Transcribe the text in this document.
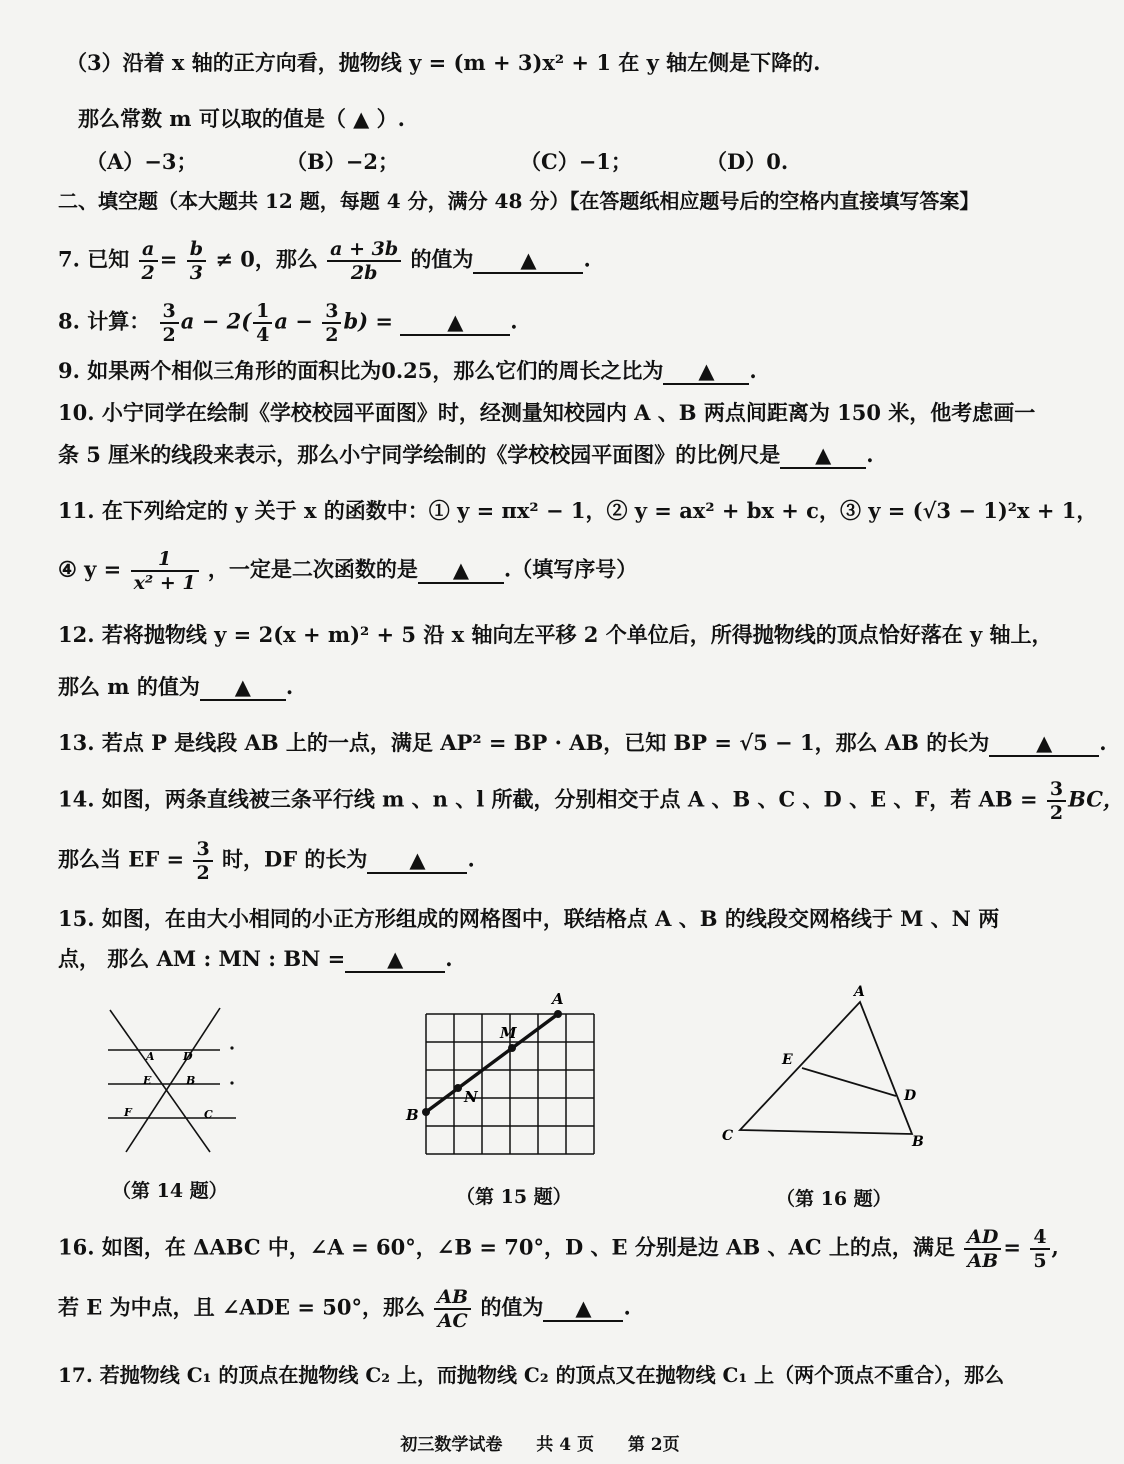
（3）沿着 x 轴的正方向看，抛物线 y = (m + 3)x² + 1 在 y 轴左侧是下降的.
那么常数 m 可以取的值是（ ▲ ）.
（A）−3；	（B）−2；	（C）−1；	（D）0.
二、填空题（本大题共 12 题，每题 4 分，满分 48 分）【在答题纸相应题号后的空格内直接填写答案】
7. 已知 $\frac{a}{2} = \frac{b}{3} \ne 0$，那么 $\frac{a + 3b}{2b}$ 的值为 ▲ .
8. 计算： $\frac{3}{2}$ $a - 2( \frac{1}{4}$ $a - \frac{3}{2} b$) =	▲ .
9. 如果两个相似三角形的面积比为0.25，那么它们的周长之比为 ▲ .
10. 小宁同学在绘制《学校校园平面图》时，经测量知校园内 A 、B 两点间距离为 150 米，他考虑画一
条 5 厘米的线段来表示，那么小宁同学绘制的《学校校园平面图》的比例尺是 ▲ .
11. 在下列给定的 y 关于 x 的函数中：① y = πx² − 1，② y = ax² + bx + c，③ y = (√3 − 1)²x + 1，
④ $y = \frac{1}{\text{x² + 1}}$ ，一定是二次函数的是 ▲ .（填写序号）
12. 若将抛物线 y = 2(x + m)² + 5 沿 x 轴向左平移 2 个单位后，所得抛物线的顶点恰好落在 y 轴上，
那么 m 的值为 ▲ .
13. 若点 P 是线段 AB 上的一点，满足 AP² = BP · AB，已知 BP = √5 − 1，那么 AB 的长为 ▲ .
14. 如图，两条直线被三条平行线 m 、n 、l 所截，分别相交于点 A 、B 、C 、D 、E 、F，若 AB = $\frac{3}{2}$ BC，
那么当 EF = $\frac{3}{2}$ 时，DF 的长为 ▲ .
15. 如图，在由大小相同的小正方形组成的网格图中，联结格点 A 、B 的线段交网格线于 M 、N 两
点， 那么 AM : MN : BN = ▲ .
A	D
E	B
F	C
（第 14 题）
A
B
M
N
（第 15 题）
A
B
C
D
E
（第 16 题）
16. 如图，在 ΔABC 中，∠A = 60°，∠B = 70°，D 、E 分别是边 AB 、AC 上的点，满足 $\frac{AD}{AB} = \frac{4}{5}$ ,
若 E 为中点，且 ∠ADE = 50°，那么 $\frac{AB}{AC}$ 的值为 ▲ .
17. 若抛物线 C₁ 的顶点在抛物线 C₂ 上，而抛物线 C₂ 的顶点又在抛物线 C₁ 上（两个顶点不重合），那么
初三数学试卷 共 4 页 第 2页
